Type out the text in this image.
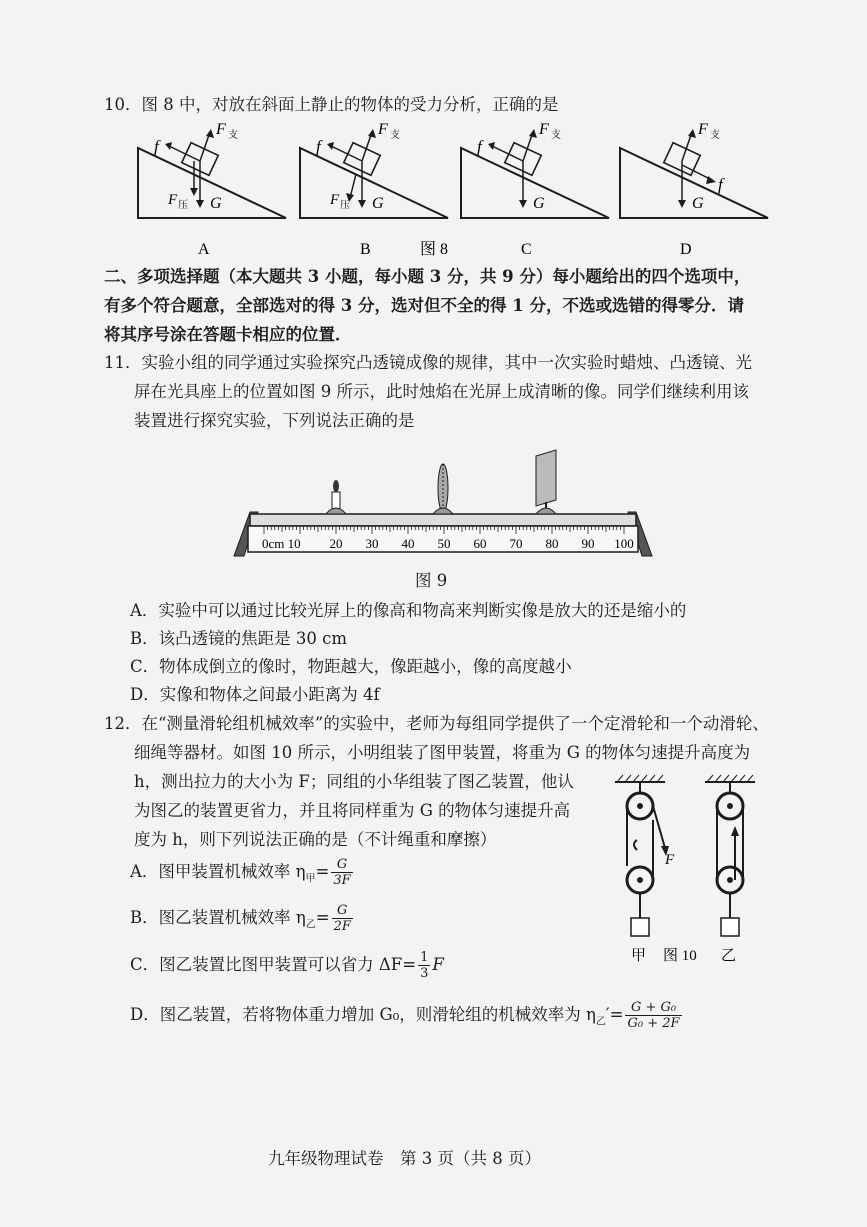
10．图 8 中，对放在斜面上静止的物体的受力分析，正确的是
f
F 支
F 压 G
A
f
F 支
F 压 G
B	图 8
f
F 支
G
C
f
F 支
G
D
二、多项选择题（本大题共 3 小题，每小题 3 分，共 9 分）每小题给出的四个选项中，
有多个符合题意，全部选对的得 3 分，选对但不全的得 1 分，不选或选错的得零分．请
将其序号涂在答题卡相应的位置．
11．实验小组的同学通过实验探究凸透镜成像的规律，其中一次实验时蜡烛、凸透镜、光
屏在光具座上的位置如图 9 所示，此时烛焰在光屏上成清晰的像。同学们继续利用该
装置进行探究实验，下列说法正确的是
0cm 10 20 30 40 50 60 70 80 90 100
图 9
A．实验中可以通过比较光屏上的像高和物高来判断实像是放大的还是缩小的
B．该凸透镜的焦距是 30 cm
C．物体成倒立的像时，物距越大，像距越小，像的高度越小
D．实像和物体之间最小距离为 4f
12．在“测量滑轮组机械效率”的实验中，老师为每组同学提供了一个定滑轮和一个动滑轮、
细绳等器材。如图 10 所示，小明组装了图甲装置，将重为 G 的物体匀速提升高度为
h，测出拉力的大小为 F；同组的小华组装了图乙装置，他认
为图乙的装置更省力，并且将同样重为 G 的物体匀速提升高
度为 h，则下列说法正确的是（不计绳重和摩擦）
A．图甲装置机械效率 $\eta_甲= \frac{G}{3F}$
B．图乙装置机械效率 $\eta_乙= \frac{G}{2F}$
C．图乙装置比图甲装置可以省力 $\Delta F= \frac{1}{3}$ F
D．图乙装置，若将物体重力增加 G₀，则滑轮组的机械效率为 $\eta_乙'= \frac{\text{G + G₀}}{\text{G₀ + 2F}}$
F
甲 图 10 乙
九年级物理试卷　第 3 页（共 8 页）
